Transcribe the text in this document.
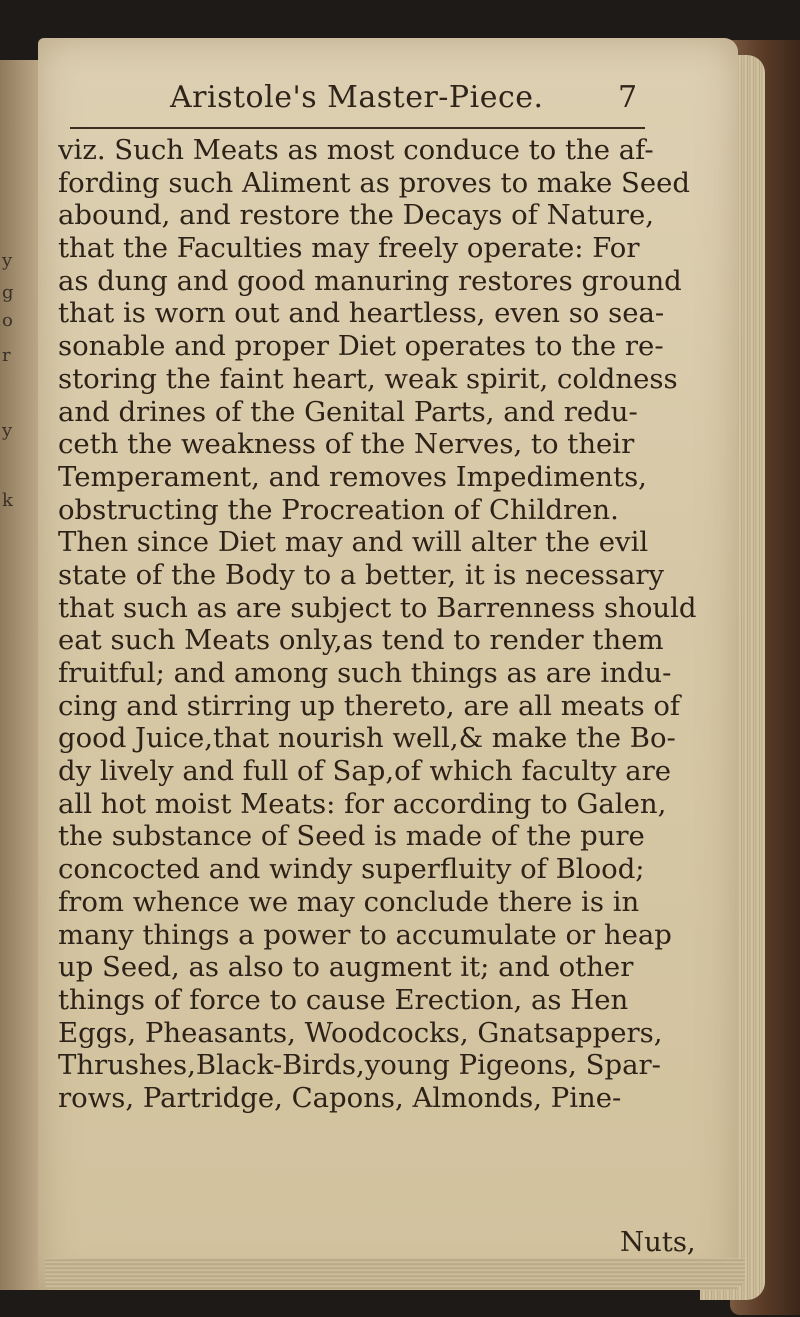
y
g
o
r
y
k
Aristole's Master-Piece. 7
viz. Such Meats as most conduce to the af-
fording such Aliment as proves to make Seed
abound, and restore the Decays of Nature,
that the Faculties may freely operate: For
as dung and good manuring restores ground
that is worn out and heartless, even so sea-
sonable and proper Diet operates to the re-
storing the faint heart, weak spirit, coldness
and drines of the Genital Parts, and redu-
ceth the weakness of the Nerves, to their
Temperament, and removes Impediments,
obstructing the Procreation of Children.
Then since Diet may and will alter the evil
state of the Body to a better, it is necessary
that such as are subject to Barrenness should
eat such Meats only,as tend to render them
fruitful; and among such things as are indu-
cing and stirring up thereto, are all meats of
good Juice,that nourish well,& make the Bo-
dy lively and full of Sap,of which faculty are
all hot moist Meats: for according to Galen,
the substance of Seed is made of the pure
concocted and windy superfluity of Blood;
from whence we may conclude there is in
many things a power to accumulate or heap
up Seed, as also to augment it; and other
things of force to cause Erection, as Hen
Eggs, Pheasants, Woodcocks, Gnatsappers,
Thrushes,Black-Birds,young Pigeons, Spar-
rows, Partridge, Capons, Almonds, Pine-
Nuts,
